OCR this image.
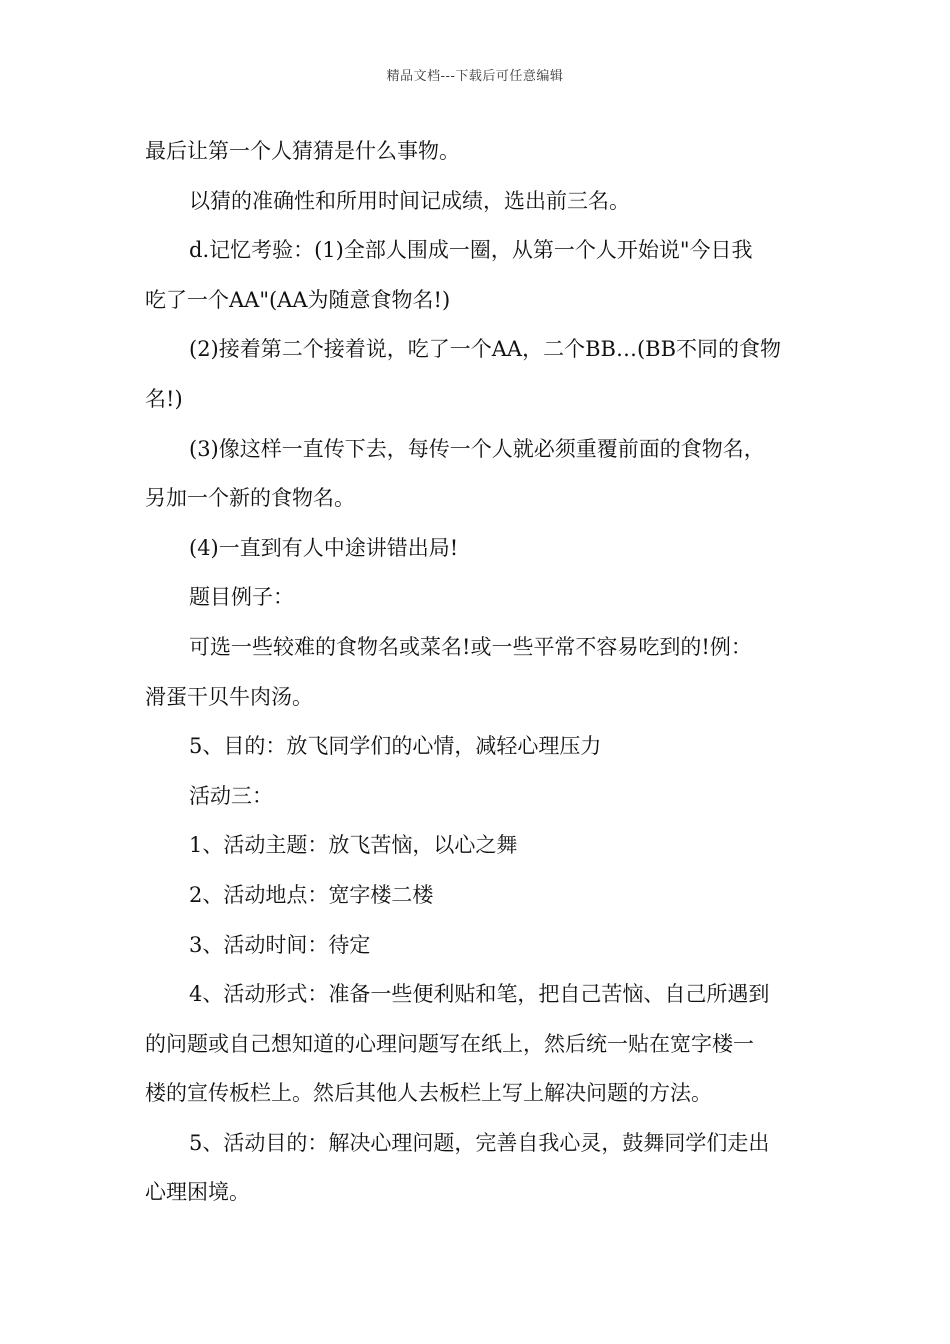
精品文档---下载后可任意编辑
最后让第一个人猜猜是什么事物。
以猜的准确性和所用时间记成绩，选出前三名。
d.记忆考验：(1)全部人围成一圈，从第一个人开始说"今日我
吃了一个AA"(AA为随意食物名!)
(2)接着第二个接着说，吃了一个AA，二个BB…(BB不同的食物
名!)
(3)像这样一直传下去，每传一个人就必须重覆前面的食物名，
另加一个新的食物名。
(4)一直到有人中途讲错出局!
题目例子：
可选一些较难的食物名或菜名!或一些平常不容易吃到的!例：
滑蛋干贝牛肉汤。
5、目的：放飞同学们的心情，减轻心理压力
活动三：
1、活动主题：放飞苦恼，以心之舞
2、活动地点：宽字楼二楼
3、活动时间：待定
4、活动形式：准备一些便利贴和笔，把自己苦恼、自己所遇到
的问题或自己想知道的心理问题写在纸上，然后统一贴在宽字楼一
楼的宣传板栏上。然后其他人去板栏上写上解决问题的方法。
5、活动目的：解决心理问题，完善自我心灵，鼓舞同学们走出
心理困境。
